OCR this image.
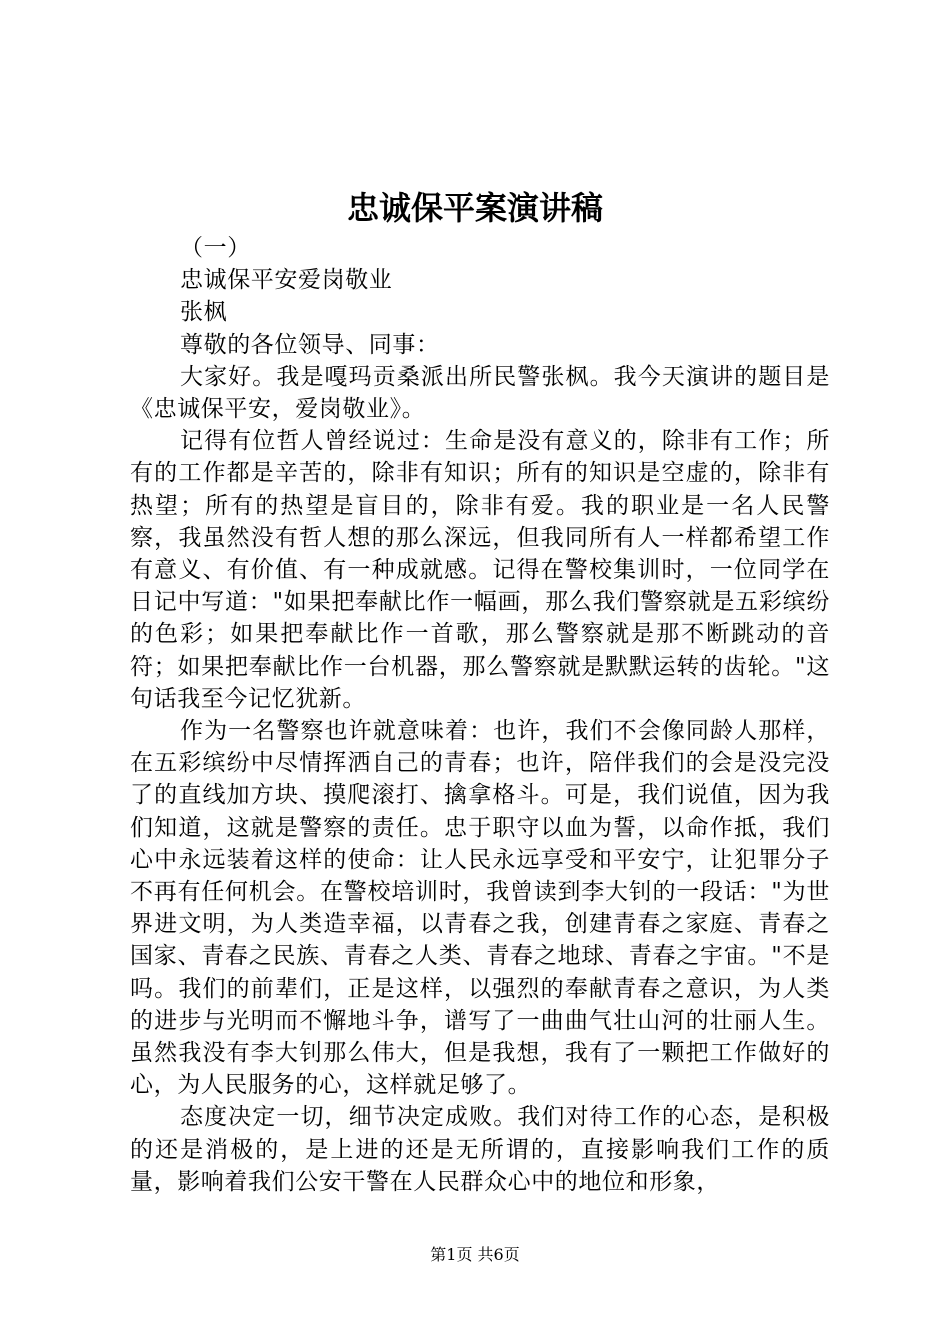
忠诚保平案演讲稿

（一）

忠诚保平安爱岗敬业

张枫

尊敬的各位领导、同事：

大家好。我是嘎玛贡桑派出所民警张枫。我今天演讲的题目是《忠诚保平安，爱岗敬业》。

记得有位哲人曾经说过：生命是没有意义的，除非有工作；所有的工作都是辛苦的，除非有知识；所有的知识是空虚的，除非有热望；所有的热望是盲目的，除非有爱。我的职业是一名人民警察，我虽然没有哲人想的那么深远，但我同所有人一样都希望工作有意义、有价值、有一种成就感。记得在警校集训时，一位同学在日记中写道："如果把奉献比作一幅画，那么我们警察就是五彩缤纷的色彩；如果把奉献比作一首歌，那么警察就是那不断跳动的音符；如果把奉献比作一台机器，那么警察就是默默运转的齿轮。"这句话我至今记忆犹新。

作为一名警察也许就意味着：也许，我们不会像同龄人那样，在五彩缤纷中尽情挥洒自己的青春；也许，陪伴我们的会是没完没了的直线加方块、摸爬滚打、擒拿格斗。可是，我们说值，因为我们知道，这就是警察的责任。忠于职守以血为誓，以命作抵，我们心中永远装着这样的使命：让人民永远享受和平安宁，让犯罪分子不再有任何机会。在警校培训时，我曾读到李大钊的一段话："为世界进文明，为人类造幸福，以青春之我，创建青春之家庭、青春之国家、青春之民族、青春之人类、青春之地球、青春之宇宙。"不是吗。我们的前辈们，正是这样，以强烈的奉献青春之意识，为人类的进步与光明而不懈地斗争，谱写了一曲曲气壮山河的壮丽人生。虽然我没有李大钊那么伟大，但是我想，我有了一颗把工作做好的心，为人民服务的心，这样就足够了。

态度决定一切，细节决定成败。我们对待工作的心态，是积极的还是消极的，是上进的还是无所谓的，直接影响我们工作的质量，影响着我们公安干警在人民群众心中的地位和形象，

第1页 共6页
